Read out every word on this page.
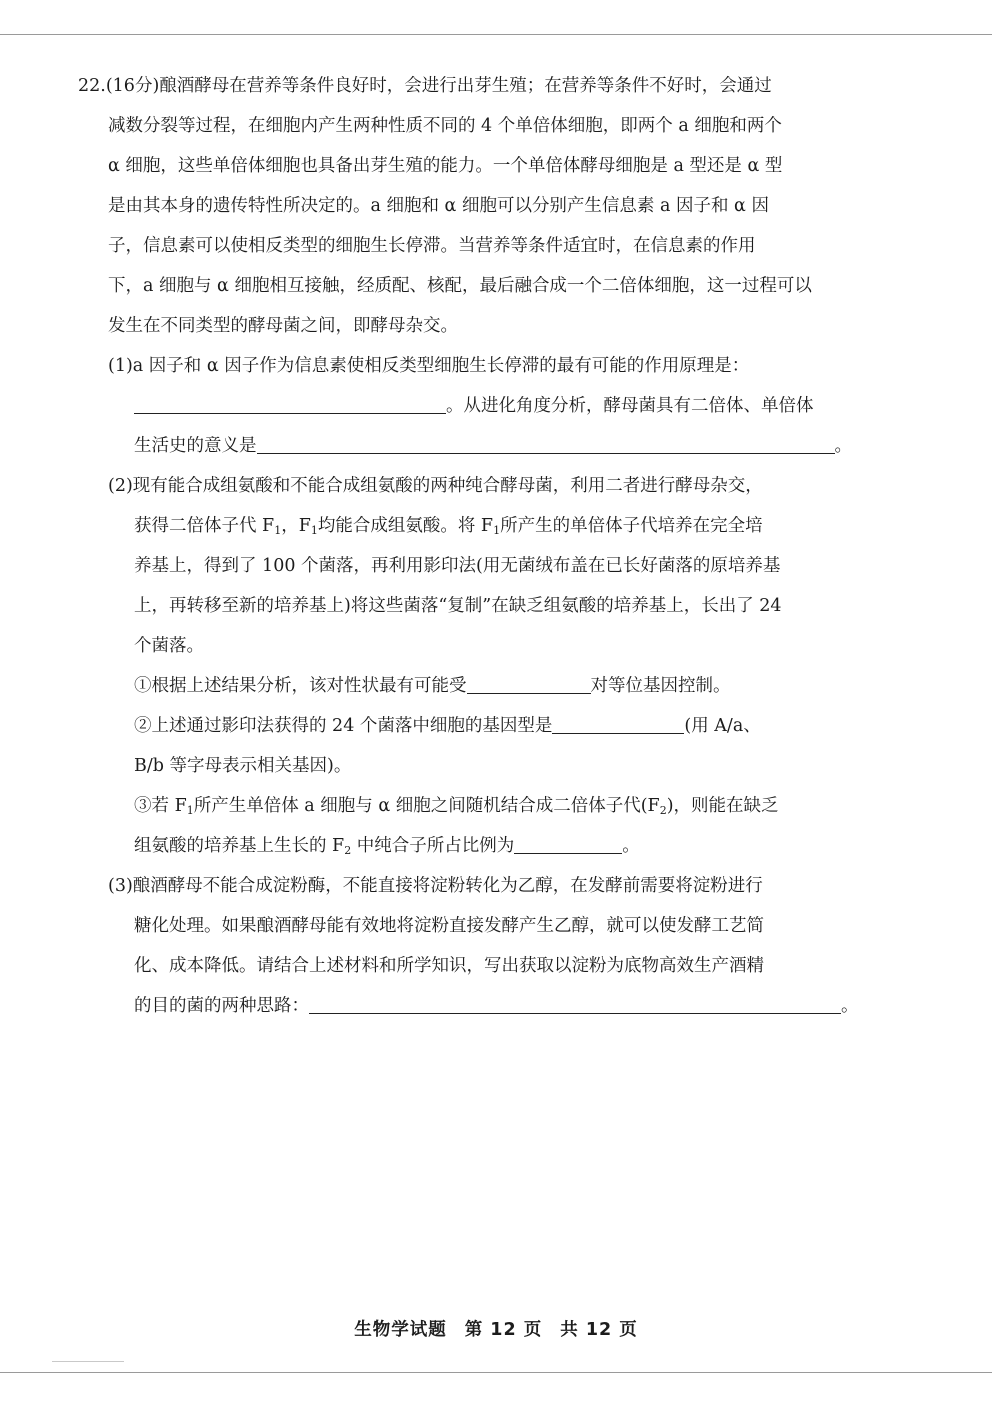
22.(16分)酿酒酵母在营养等条件良好时，会进行出芽生殖；在营养等条件不好时，会通过
减数分裂等过程，在细胞内产生两种性质不同的 4 个单倍体细胞，即两个 a 细胞和两个
α 细胞，这些单倍体细胞也具备出芽生殖的能力。一个单倍体酵母细胞是 a 型还是 α 型
是由其本身的遗传特性所决定的。a 细胞和 α 细胞可以分别产生信息素 a 因子和 α 因
子，信息素可以使相反类型的细胞生长停滞。当营养等条件适宜时，在信息素的作用
下，a 细胞与 α 细胞相互接触，经质配、核配，最后融合成一个二倍体细胞，这一过程可以
发生在不同类型的酵母菌之间，即酵母杂交。
(1)a 因子和 α 因子作为信息素使相反类型细胞生长停滞的最有可能的作用原理是：
。从进化角度分析，酵母菌具有二倍体、单倍体
生活史的意义是	。
(2)现有能合成组氨酸和不能合成组氨酸的两种纯合酵母菌，利用二者进行酵母杂交，
获得二倍体子代 $F_1$，$F_1$均能合成组氨酸。将 $F_1$所产生的单倍体子代培养在完全培
养基上，得到了 100 个菌落，再利用影印法(用无菌绒布盖在已长好菌落的原培养基
上，再转移至新的培养基上)将这些菌落“复制”在缺乏组氨酸的培养基上，长出了 24
个菌落。
①根据上述结果分析，该对性状最有可能受	对等位基因控制。
②上述通过影印法获得的 24 个菌落中细胞的基因型是	(用 A/a、
B/b 等字母表示相关基因)。
③若 $F_1$所产生单倍体 a 细胞与 α 细胞之间随机结合成二倍体子代$(F_2)$，则能在缺乏
组氨酸的培养基上生长的 $F_2$ 中纯合子所占比例为	。
(3)酿酒酵母不能合成淀粉酶，不能直接将淀粉转化为乙醇，在发酵前需要将淀粉进行
糖化处理。如果酿酒酵母能有效地将淀粉直接发酵产生乙醇，就可以使发酵工艺简
化、成本降低。请结合上述材料和所学知识，写出获取以淀粉为底物高效生产酒精
的目的菌的两种思路：	。
生物学试题 第 12 页 共 12 页
